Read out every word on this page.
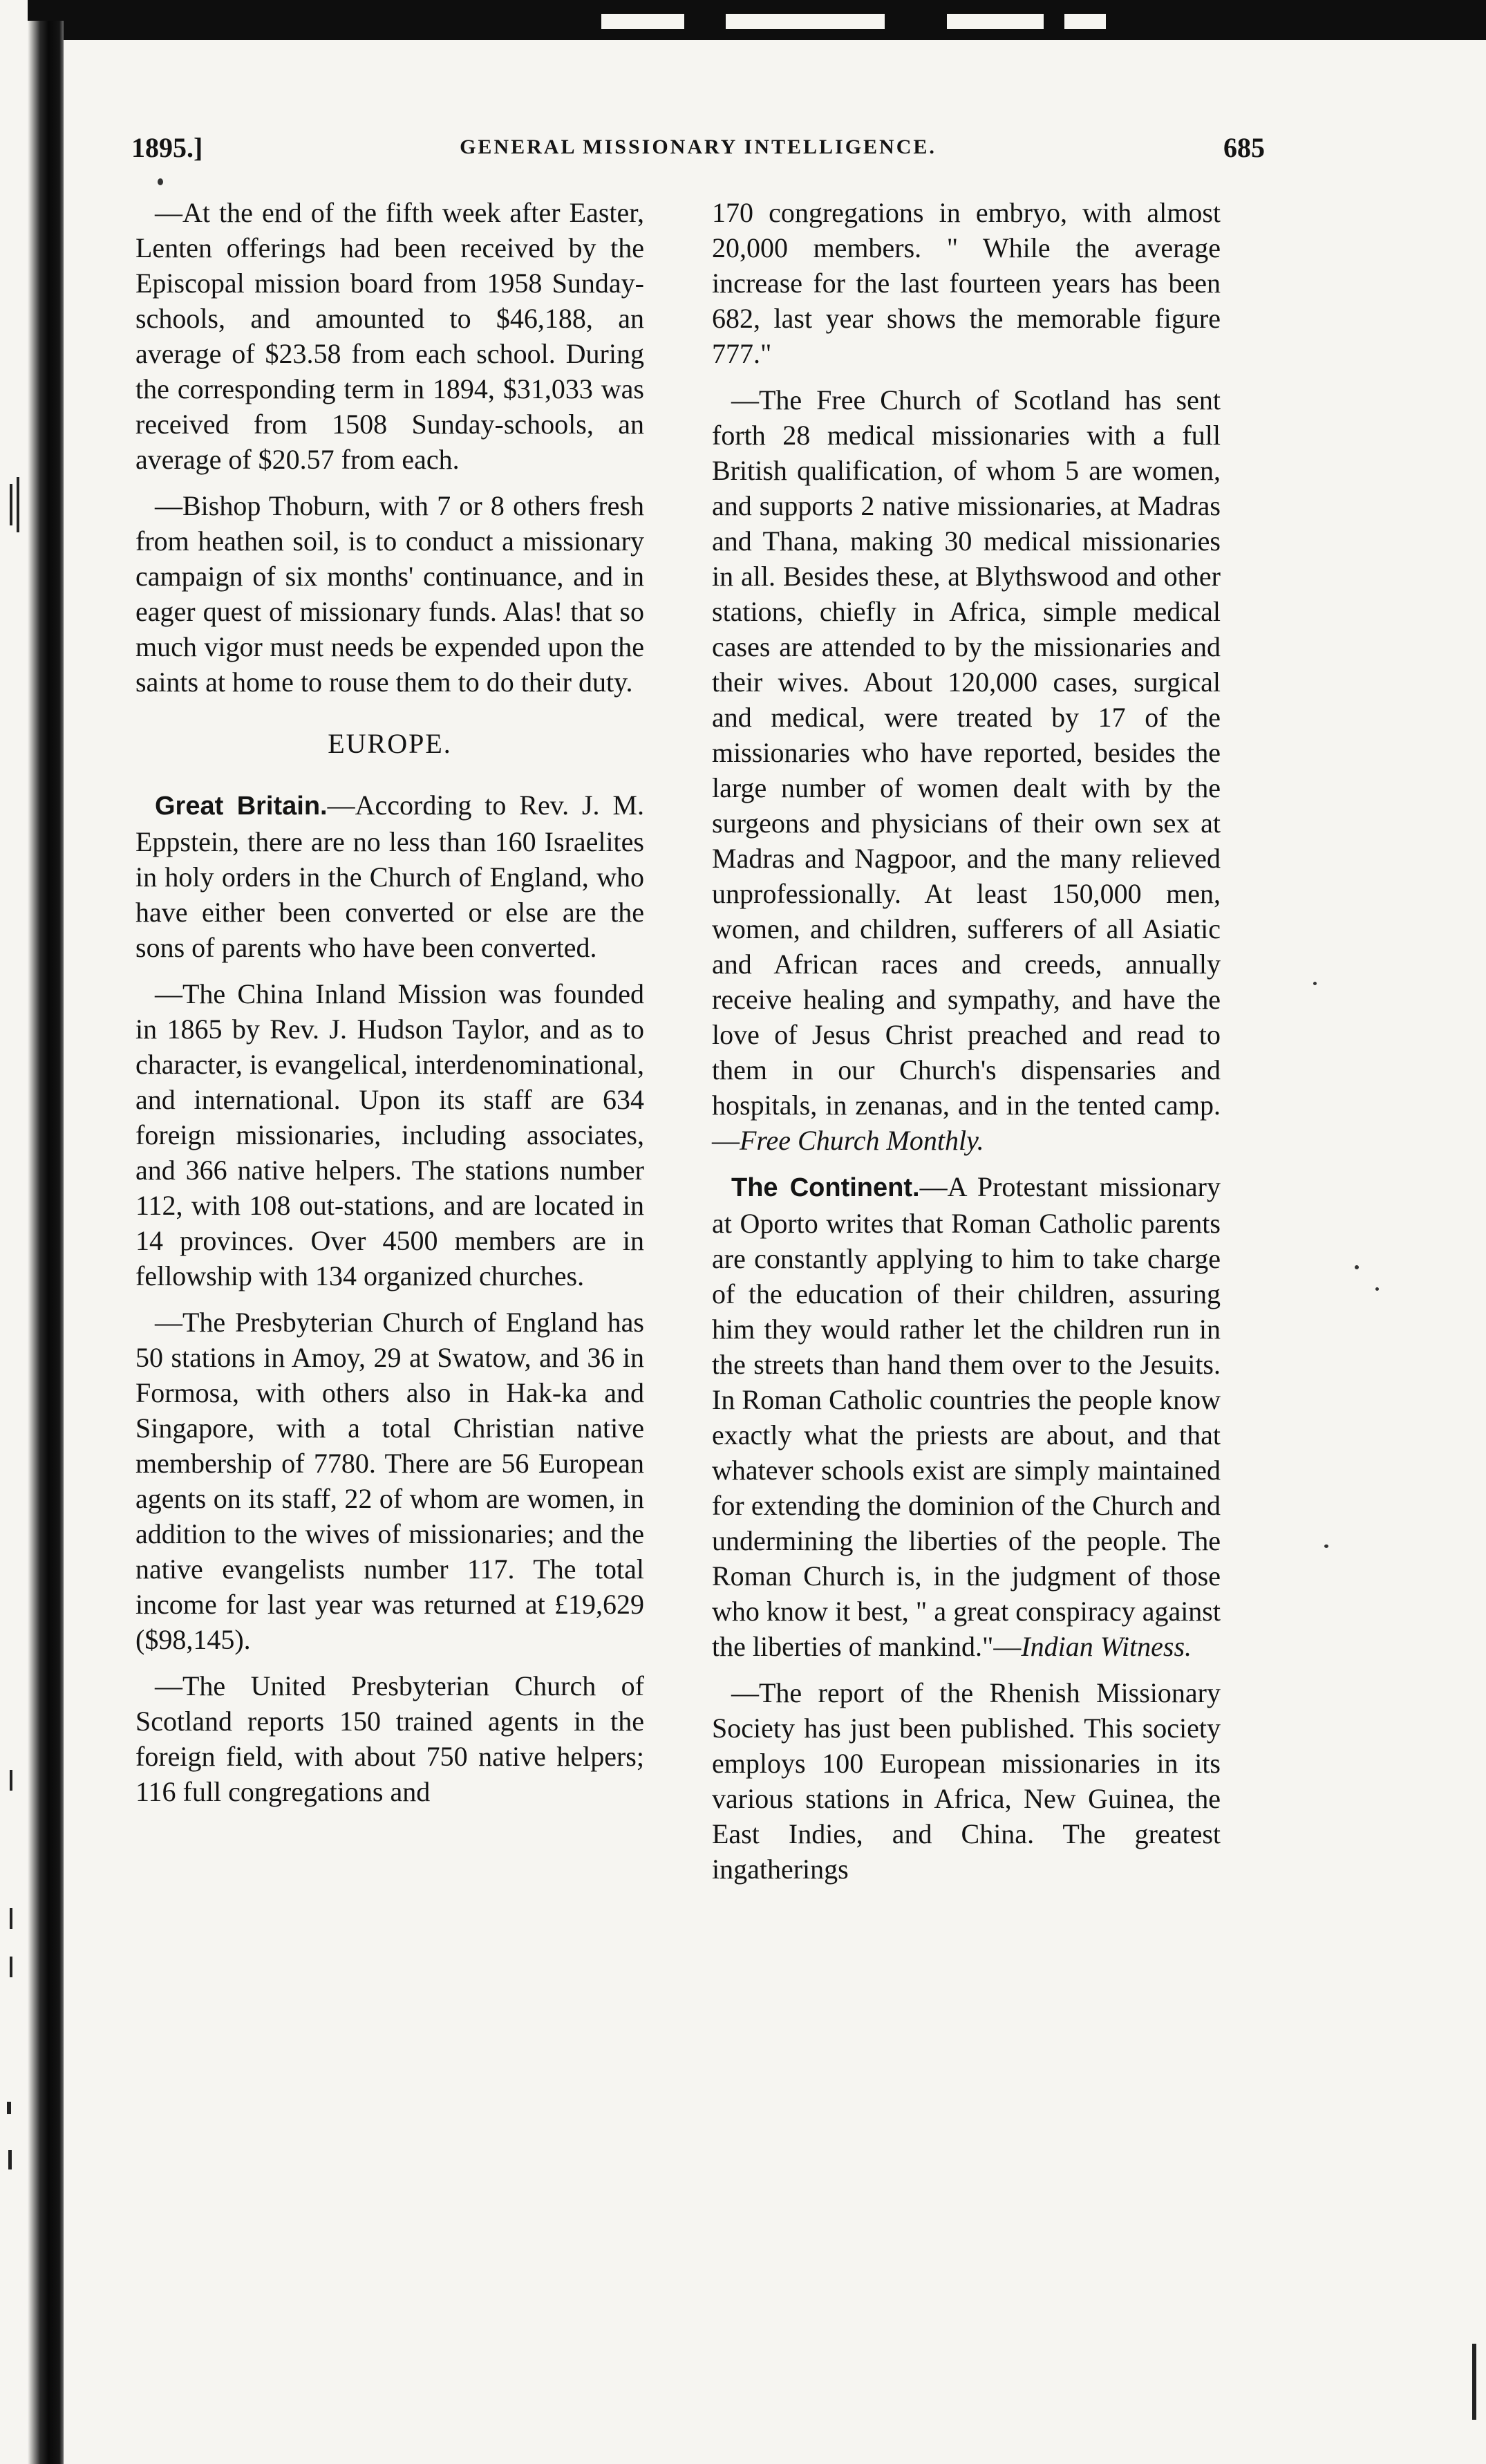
1895.]	GENERAL MISSIONARY INTELLIGENCE.	685

—At the end of the fifth week after Easter, Lenten offerings had been received by the Episcopal mission board from 1958 Sunday-schools, and amounted to $46,188, an average of $23.58 from each school. During the corresponding term in 1894, $31,033 was received from 1508 Sunday-schools, an average of $20.57 from each.

—Bishop Thoburn, with 7 or 8 others fresh from heathen soil, is to conduct a missionary campaign of six months' continuance, and in eager quest of missionary funds. Alas! that so much vigor must needs be expended upon the saints at home to rouse them to do their duty.

EUROPE.

Great Britain.—According to Rev. J. M. Eppstein, there are no less than 160 Israelites in holy orders in the Church of England, who have either been converted or else are the sons of parents who have been converted.

—The China Inland Mission was founded in 1865 by Rev. J. Hudson Taylor, and as to character, is evangelical, interdenominational, and international. Upon its staff are 634 foreign missionaries, including associates, and 366 native helpers. The stations number 112, with 108 out-stations, and are located in 14 provinces. Over 4500 members are in fellowship with 134 organized churches.

—The Presbyterian Church of England has 50 stations in Amoy, 29 at Swatow, and 36 in Formosa, with others also in Hak-ka and Singapore, with a total Christian native membership of 7780. There are 56 European agents on its staff, 22 of whom are women, in addition to the wives of missionaries; and the native evangelists number 117. The total income for last year was returned at £19,629 ($98,145).

—The United Presbyterian Church of Scotland reports 150 trained agents in the foreign field, with about 750 native helpers; 116 full congregations and

170 congregations in embryo, with almost 20,000 members. " While the average increase for the last fourteen years has been 682, last year shows the memorable figure 777."

—The Free Church of Scotland has sent forth 28 medical missionaries with a full British qualification, of whom 5 are women, and supports 2 native missionaries, at Madras and Thana, making 30 medical missionaries in all. Besides these, at Blythswood and other stations, chiefly in Africa, simple medical cases are attended to by the missionaries and their wives. About 120,000 cases, surgical and medical, were treated by 17 of the missionaries who have reported, besides the large number of women dealt with by the surgeons and physicians of their own sex at Madras and Nagpoor, and the many relieved unprofessionally. At least 150,000 men, women, and children, sufferers of all Asiatic and African races and creeds, annually receive healing and sympathy, and have the love of Jesus Christ preached and read to them in our Church's dispensaries and hospitals, in zenanas, and in the tented camp.—Free Church Monthly.

The Continent.—A Protestant missionary at Oporto writes that Roman Catholic parents are constantly applying to him to take charge of the education of their children, assuring him they would rather let the children run in the streets than hand them over to the Jesuits. In Roman Catholic countries the people know exactly what the priests are about, and that whatever schools exist are simply maintained for extending the dominion of the Church and undermining the liberties of the people. The Roman Church is, in the judgment of those who know it best, " a great conspiracy against the liberties of mankind."—Indian Witness.

—The report of the Rhenish Missionary Society has just been published. This society employs 100 European missionaries in its various stations in Africa, New Guinea, the East Indies, and China. The greatest ingatherings
